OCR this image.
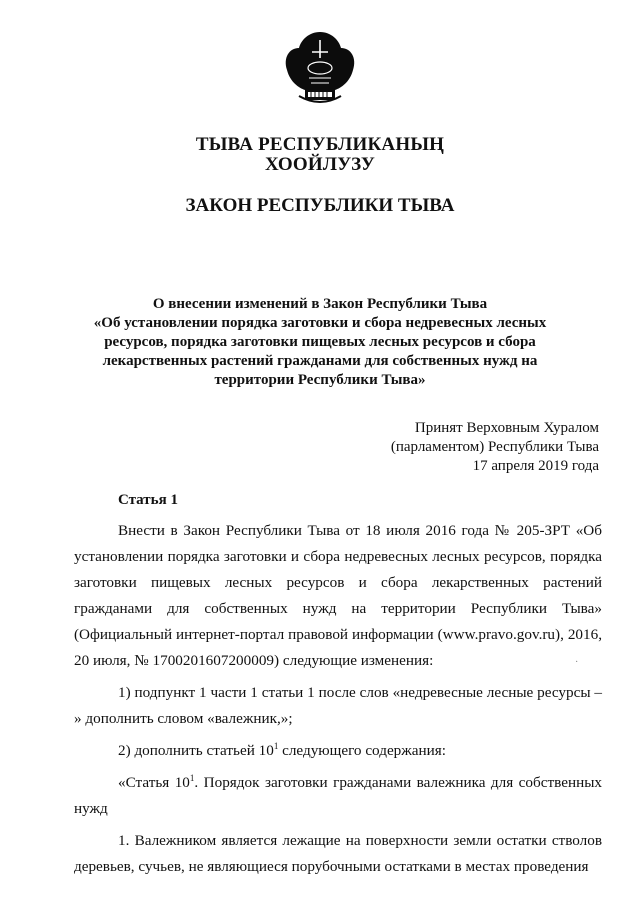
ТЫВА РЕСПУБЛИКАНЫҢ
ХООЙЛУЗУ
ЗАКОН РЕСПУБЛИКИ ТЫВА
О внесении изменений в Закон Республики Тыва
«Об установлении порядка заготовки и сбора недревесных лесных
ресурсов, порядка заготовки пищевых лесных ресурсов и сбора
лекарственных растений гражданами для собственных нужд на
территории Республики Тыва»
Принят Верховным Хуралом
(парламентом) Республики Тыва
17 апреля 2019 года
Статья 1

Внести в Закон Республики Тыва от 18 июля 2016 года № 205-ЗРТ «Об установлении порядка заготовки и сбора недревесных лесных ресурсов, порядка заготовки пищевых лесных ресурсов и сбора лекарственных растений гражданами для собственных нужд на территории Республики Тыва» (Официальный интернет-портал правовой информации (www.pravo.gov.ru), 2016, 20 июля, № 1700201607200009) следующие изменения:

1) подпункт 1 части 1 статьи 1 после слов «недревесные лесные ресурсы – » дополнить словом «валежник,»;

2) дополнить статьей $10^1$ следующего содержания:

«Статья $10^1$. Порядок заготовки гражданами валежника для собственных нужд

1. Валежником является лежащие на поверхности земли остатки стволов деревьев, сучьев, не являющиеся порубочными остатками в местах проведения

·
